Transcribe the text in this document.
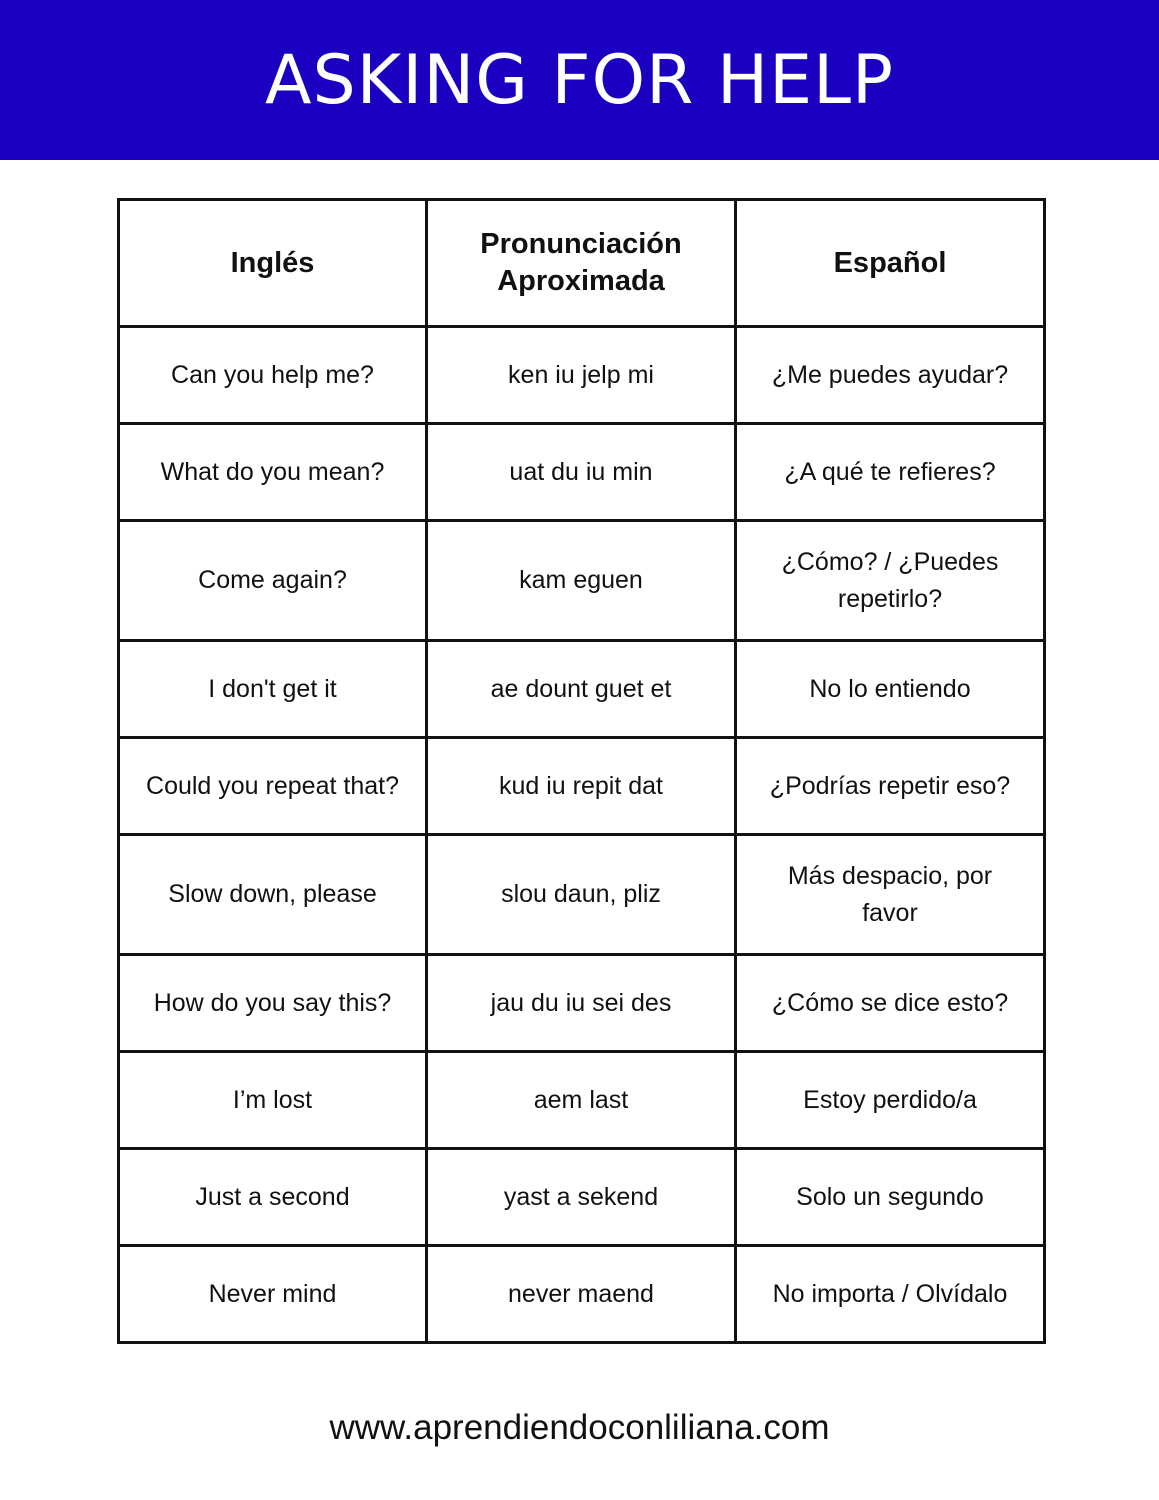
ASKING FOR HELP
Inglés	Pronunciación Aproximada	Español
Can you help me?	ken iu jelp mi	¿Me puedes ayudar?
What do you mean?	uat du iu min	¿A qué te refieres?
Come again?	kam eguen	¿Cómo? / ¿Puedes repetirlo?
I don't get it	ae dount guet et	No lo entiendo
Could you repeat that?	kud iu repit dat	¿Podrías repetir eso?
Slow down, please	slou daun, pliz	Más despacio, por favor
How do you say this?	jau du iu sei des	¿Cómo se dice esto?
I’m lost	aem last	Estoy perdido/a
Just a second	yast a sekend	Solo un segundo
Never mind	never maend	No importa / Olvídalo
www.aprendiendoconliliana.com
